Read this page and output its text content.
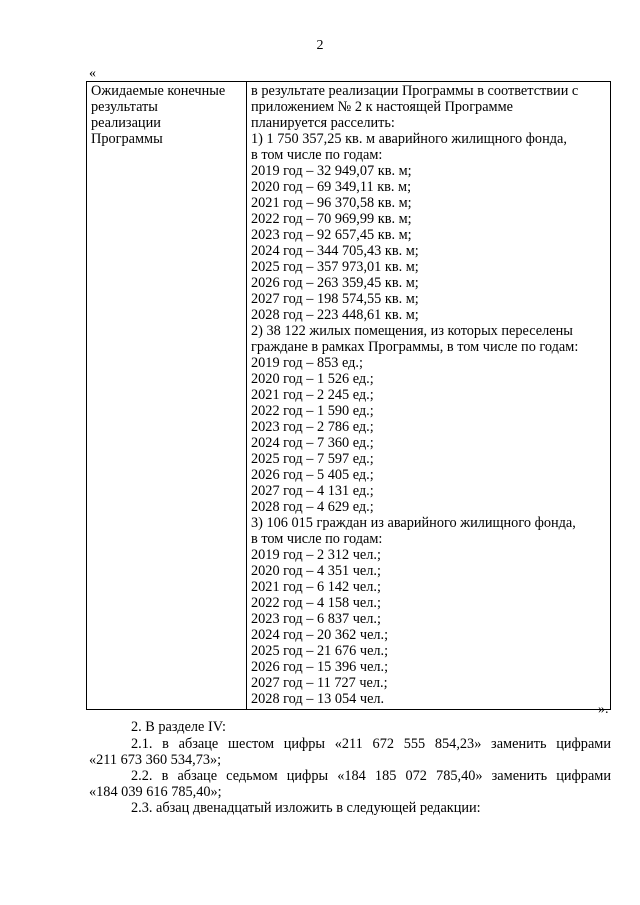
2
«
Ожидаемые конечные
результаты
реализации
Программы

в результате реализации Программы в соответствии с
приложением № 2 к настоящей Программе
планируется расселить:
1) 1 750 357,25 кв. м аварийного жилищного фонда,
в том числе по годам:
2019 год – 32 949,07 кв. м;
2020 год – 69 349,11 кв. м;
2021 год – 96 370,58 кв. м;
2022 год – 70 969,99 кв. м;
2023 год – 92 657,45 кв. м;
2024 год – 344 705,43 кв. м;
2025 год – 357 973,01 кв. м;
2026 год – 263 359,45 кв. м;
2027 год – 198 574,55 кв. м;
2028 год – 223 448,61 кв. м;
2) 38 122 жилых помещения, из которых переселены
граждане в рамках Программы, в том числе по годам:
2019 год – 853 ед.;
2020 год – 1 526 ед.;
2021 год – 2 245 ед.;
2022 год – 1 590 ед.;
2023 год – 2 786 ед.;
2024 год – 7 360 ед.;
2025 год – 7 597 ед.;
2026 год – 5 405 ед.;
2027 год – 4 131 ед.;
2028 год – 4 629 ед.;
3) 106 015 граждан из аварийного жилищного фонда,
в том числе по годам:
2019 год – 2 312 чел.;
2020 год – 4 351 чел.;
2021 год – 6 142 чел.;
2022 год – 4 158 чел.;
2023 год – 6 837 чел.;
2024 год – 20 362 чел.;
2025 год – 21 676 чел.;
2026 год – 15 396 чел.;
2027 год – 11 727 чел.;
2028 год – 13 054 чел.
».
2. В разделе IV:
2.1. в абзаце шестом цифры «211 672 555 854,23» заменить цифрами
«211 673 360 534,73»;
2.2. в абзаце седьмом цифры «184 185 072 785,40» заменить цифрами
«184 039 616 785,40»;
2.3. абзац двенадцатый изложить в следующей редакции:
